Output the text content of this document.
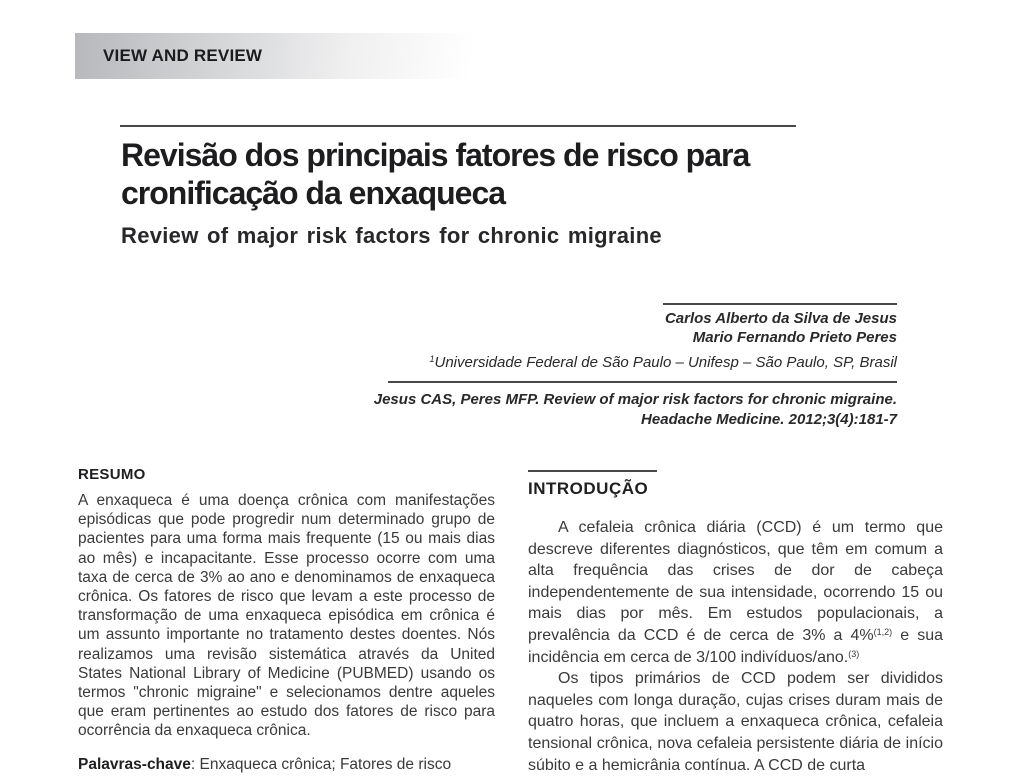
VIEW AND REVIEW
Revisão dos principais fatores de risco para
cronificação da enxaqueca
Review of major risk factors for chronic migraine
Carlos Alberto da Silva de Jesus
Mario Fernando Prieto Peres
$^1$Universidade Federal de São Paulo – Unifesp – São Paulo, SP, Brasil
Jesus CAS, Peres MFP. Review of major risk factors for chronic migraine.
Headache Medicine. 2012;3(4):181-7
RESUMO

A enxaqueca é uma doença crônica com manifestações episódicas que pode progredir num determinado grupo de pacientes para uma forma mais frequente (15 ou mais dias ao mês) e incapacitante. Esse processo ocorre com uma taxa de cerca de 3% ao ano e denominamos de enxaqueca crônica. Os fatores de risco que levam a este processo de transformação de uma enxaqueca episódica em crônica é um assunto importante no tratamento destes doentes. Nós realizamos uma revisão sistemática através da United States National Library of Medicine (PUBMED) usando os termos "chronic migraine" e selecionamos dentre aqueles que eram pertinentes ao estudo dos fatores de risco para ocorrência da enxaqueca crônica.

Palavras-chave: Enxaqueca crônica; Fatores de risco

INTRODUÇÃO

A cefaleia crônica diária (CCD) é um termo que descreve diferentes diagnósticos, que têm em comum a alta frequência das crises de dor de cabeça independentemente de sua intensidade, ocorrendo 15 ou mais dias por mês. Em estudos populacionais, a prevalência da CCD é de cerca de 3% a 4%$^{(1,2)}$ e sua incidência em cerca de 3/100 indivíduos/ano.$^{(3)}$

Os tipos primários de CCD podem ser divididos naqueles com longa duração, cujas crises duram mais de quatro horas, que incluem a enxaqueca crônica, cefaleia tensional crônica, nova cefaleia persistente diária de início súbito e a hemicrânia contínua. A CCD de curta
